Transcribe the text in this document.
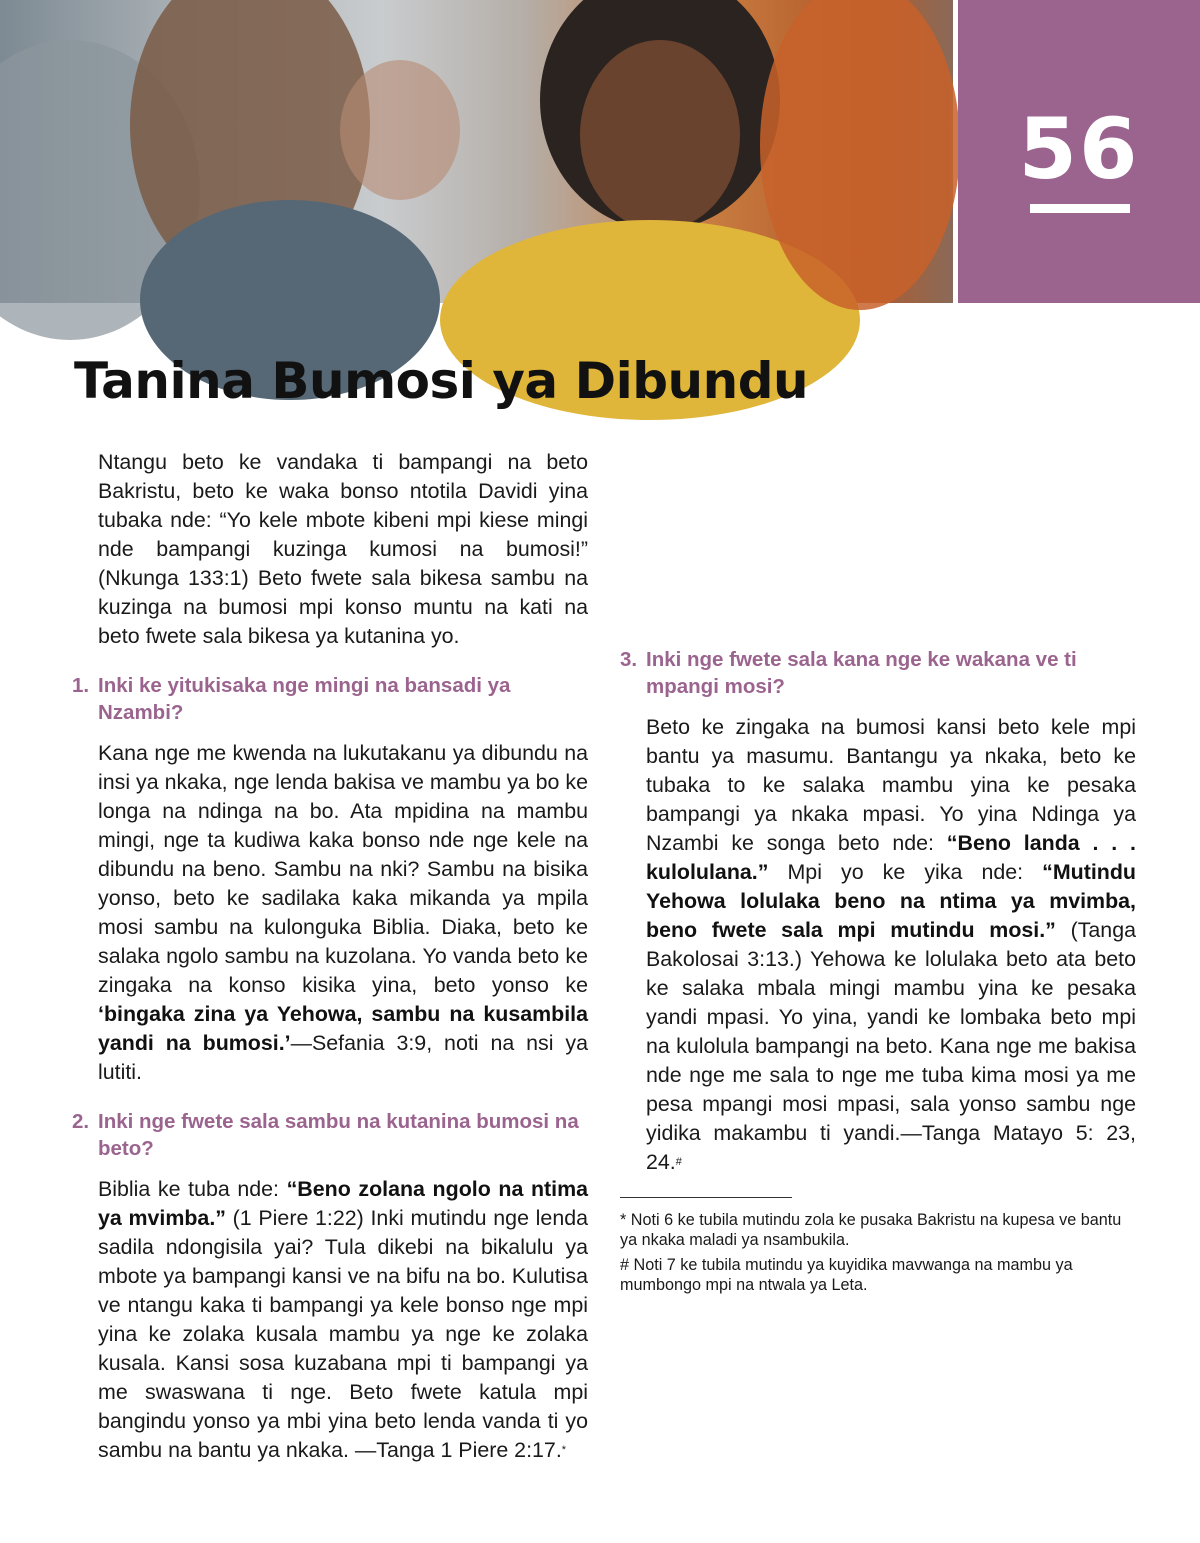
56
Tanina Bumosi ya Dibundu

Ntangu beto ke vandaka ti bampangi na beto Bakristu, beto ke waka bonso ntotila Davidi yina tubaka nde: “Yo kele mbote kibeni mpi kiese mingi nde bampangi kuzinga kumosi na bumosi!” (Nkunga 133:1) Beto fwete sala bikesa sambu na kuzinga na bumosi mpi konso muntu na kati na beto fwete sala bikesa ya kutanina yo.

1. Inki ke yitukisaka nge mingi na bansadi ya Nzambi?

Kana nge me kwenda na lukutakanu ya dibundu na insi ya nkaka, nge lenda bakisa ve mambu ya bo ke longa na ndinga na bo. Ata mpidina na mambu mingi, nge ta kudiwa kaka bonso nde nge kele na dibundu na beno. Sambu na nki? Sambu na bisika yonso, beto ke sadilaka kaka mikanda ya mpila mosi sambu na kulonguka Biblia. Diaka, beto ke salaka ngolo sambu na kuzolana. Yo vanda beto ke zingaka na konso kisika yina, beto yonso ke ‘bingaka zina ya Yehowa, sambu na kusambila yandi na bumosi.’—Sefania 3:9, noti na nsi ya lutiti.

2. Inki nge fwete sala sambu na kutanina bumosi na beto?

Biblia ke tuba nde: “Beno zolana ngolo na ntima ya mvimba.” (1 Piere 1:22) Inki mutindu nge lenda sadila ndongisila yai? Tula dikebi na bikalulu ya mbote ya bampangi kansi ve na bifu na bo. Kulutisa ve ntangu kaka ti bampangi ya kele bonso nge mpi yina ke zolaka kusala mambu ya nge ke zolaka kusala. Kansi sosa kuzabana mpi ti bampangi ya me swaswana ti nge. Beto fwete katula mpi bangindu yonso ya mbi yina beto lenda vanda ti yo sambu na bantu ya nkaka. —Tanga 1 Piere 2:17.*

3. Inki nge fwete sala kana nge ke wakana ve ti mpangi mosi?

Beto ke zingaka na bumosi kansi beto kele mpi bantu ya masumu. Bantangu ya nkaka, beto ke tubaka to ke salaka mambu yina ke pesaka bampangi ya nkaka mpasi. Yo yina Ndinga ya Nzambi ke songa beto nde: “Beno landa . . . kulolulana.” Mpi yo ke yika nde: “Mutindu Yehowa lolulaka beno na ntima ya mvimba, beno fwete sala mpi mutindu mosi.” (Tanga Bakolosai 3:13.) Yehowa ke lolulaka beto ata beto ke salaka mbala mingi mambu yina ke pesaka yandi mpasi. Yo yina, yandi ke lombaka beto mpi na kulolula bampangi na beto. Kana nge me bakisa nde nge me sala to nge me tuba kima mosi ya me pesa mpangi mosi mpasi, sala yonso sambu nge yidika makambu ti yandi.—Tanga Matayo 5: 23, 24.#

* Noti 6 ke tubila mutindu zola ke pusaka Bakristu na kupesa ve bantu ya nkaka maladi ya nsambukila.
# Noti 7 ke tubila mutindu ya kuyidika mavwanga na mambu ya mumbongo mpi na ntwala ya Leta.
